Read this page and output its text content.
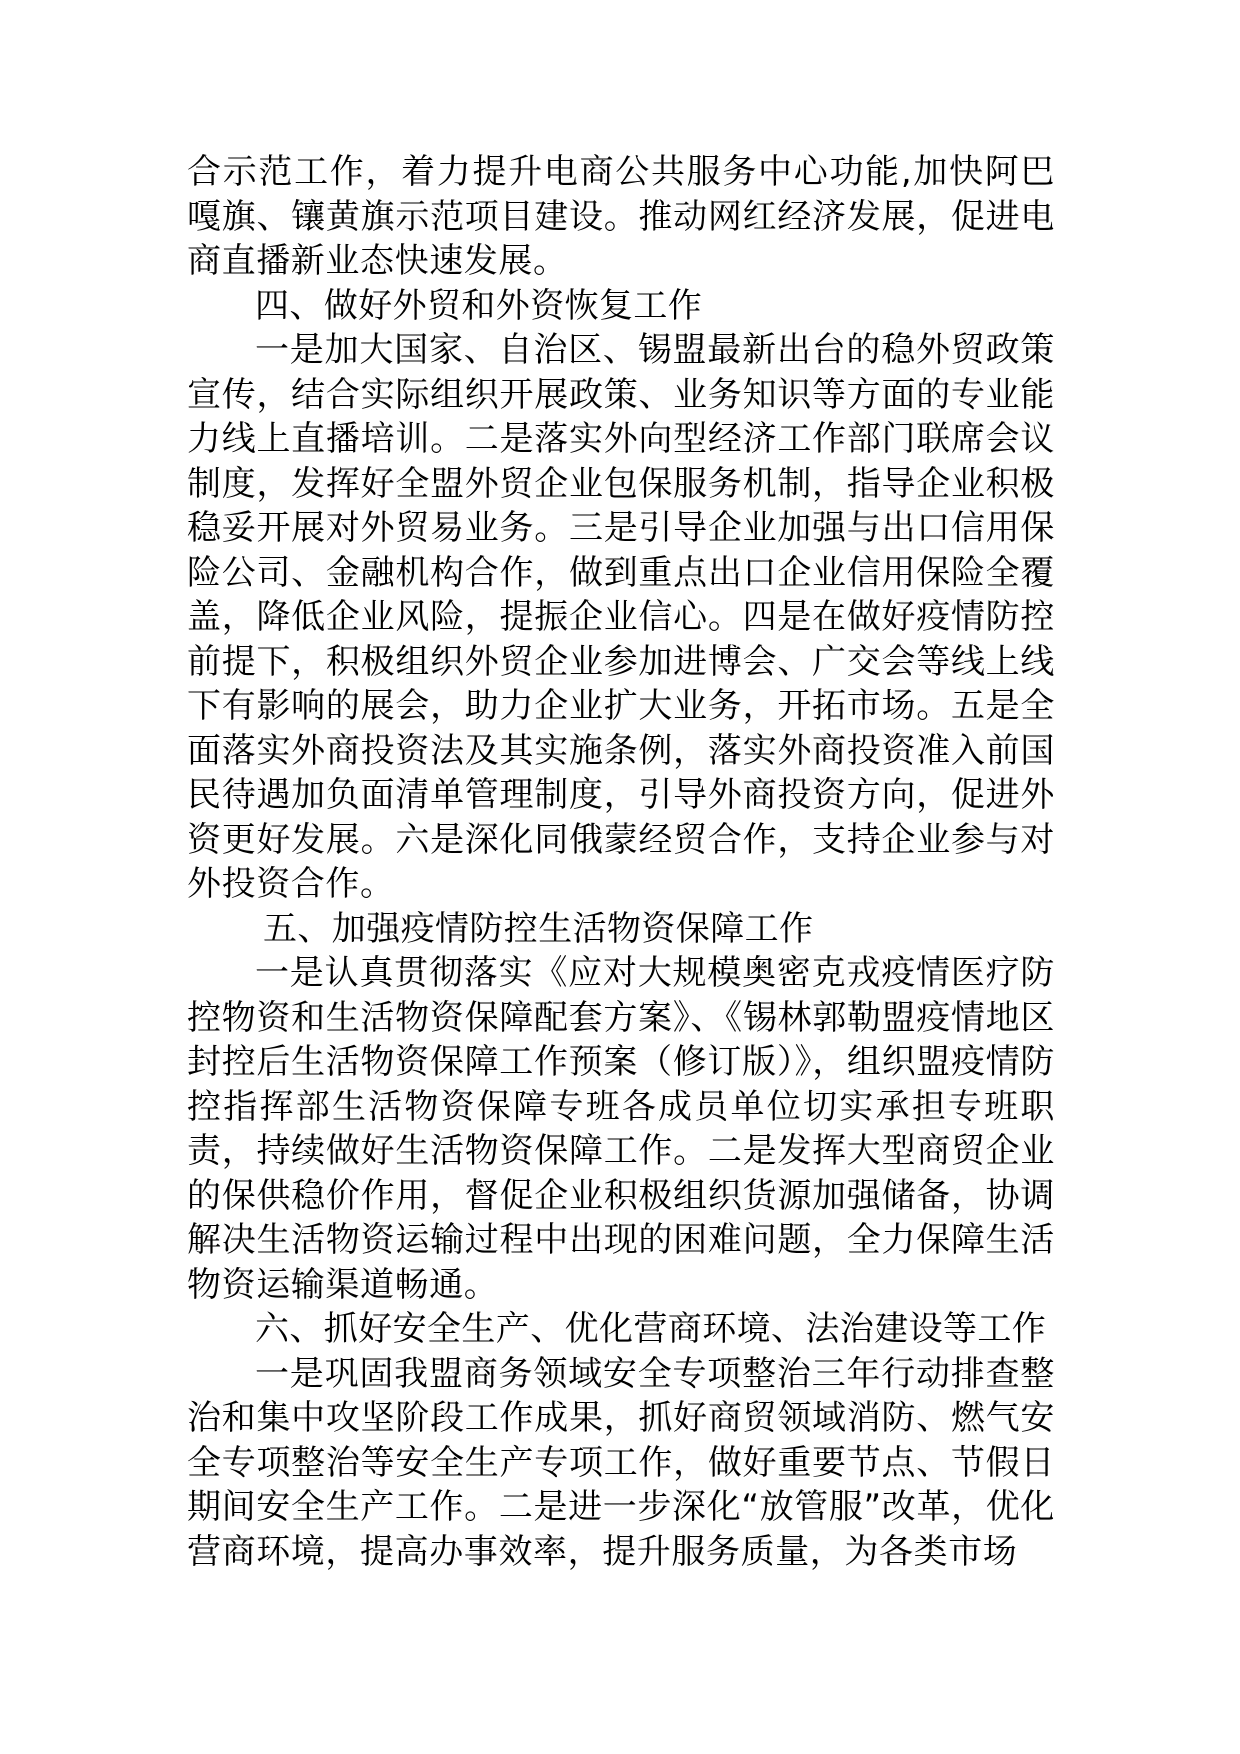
合示范工作，着力提升电商公共服务中心功能,加快阿巴嘎旗、镶黄旗示范项目建设。推动网红经济发展，促进电商直播新业态快速发展。

四、做好外贸和外资恢复工作

一是加大国家、自治区、锡盟最新出台的稳外贸政策宣传，结合实际组织开展政策、业务知识等方面的专业能力线上直播培训。二是落实外向型经济工作部门联席会议制度，发挥好全盟外贸企业包保服务机制，指导企业积极稳妥开展对外贸易业务。三是引导企业加强与出口信用保险公司、金融机构合作，做到重点出口企业信用保险全覆盖，降低企业风险，提振企业信心。四是在做好疫情防控前提下，积极组织外贸企业参加进博会、广交会等线上线下有影响的展会，助力企业扩大业务，开拓市场。五是全面落实外商投资法及其实施条例，落实外商投资准入前国民待遇加负面清单管理制度，引导外商投资方向，促进外资更好发展。六是深化同俄蒙经贸合作，支持企业参与对外投资合作。

五、加强疫情防控生活物资保障工作

一是认真贯彻落实《应对大规模奥密克戎疫情医疗防控物资和生活物资保障配套方案》、《锡林郭勒盟疫情地区封控后生活物资保障工作预案（修订版）》，组织盟疫情防控指挥部生活物资保障专班各成员单位切实承担专班职责，持续做好生活物资保障工作。二是发挥大型商贸企业的保供稳价作用，督促企业积极组织货源加强储备，协调解决生活物资运输过程中出现的困难问题，全力保障生活物资运输渠道畅通。

六、抓好安全生产、优化营商环境、法治建设等工作

一是巩固我盟商务领域安全专项整治三年行动排查整治和集中攻坚阶段工作成果，抓好商贸领域消防、燃气安全专项整治等安全生产专项工作，做好重要节点、节假日期间安全生产工作。二是进一步深化“放管服”改革，优化营商环境，提高办事效率，提升服务质量，为各类市场
